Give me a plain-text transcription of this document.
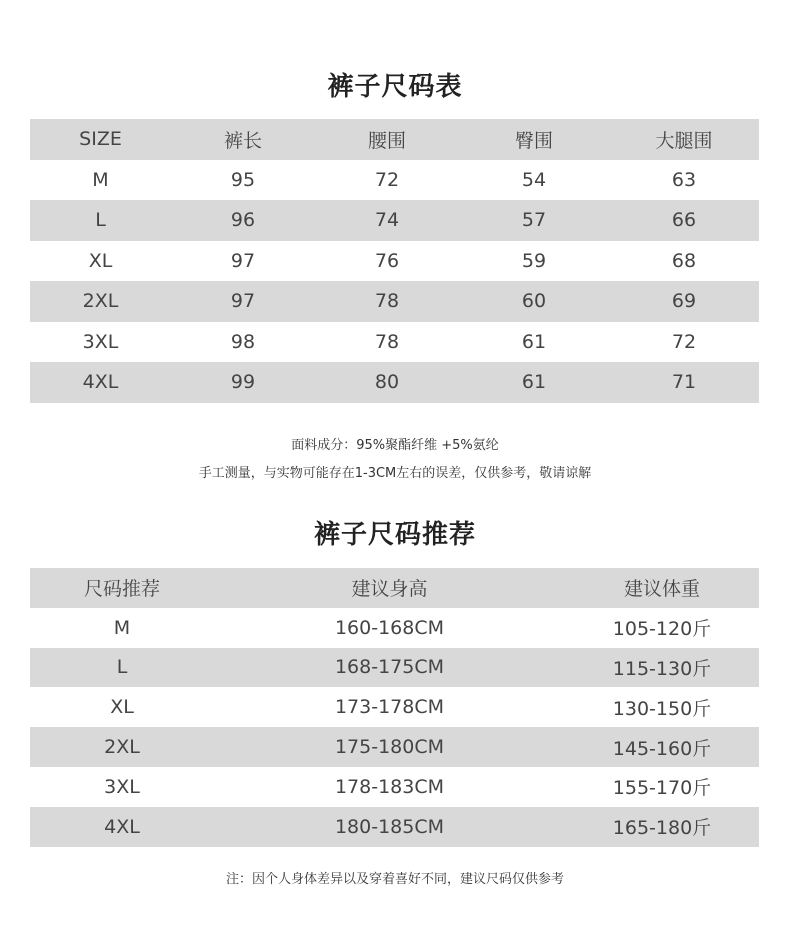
裤子尺码表
SIZE	裤长	腰围	臀围	大腿围
M	95	72	54	63
L	96	74	57	66
XL	97	76	59	68
2XL	97	78	60	69
3XL	98	78	61	72
4XL	99	80	61	71
面料成分：95%聚酯纤维 +5%氨纶
手工测量，与实物可能存在1-3CM左右的误差，仅供参考，敬请谅解
裤子尺码推荐
尺码推荐	建议身高	建议体重
M	160-168CM	105-120斤
L	168-175CM	115-130斤
XL	173-178CM	130-150斤
2XL	175-180CM	145-160斤
3XL	178-183CM	155-170斤
4XL	180-185CM	165-180斤
注：因个人身体差异以及穿着喜好不同，建议尺码仅供参考
